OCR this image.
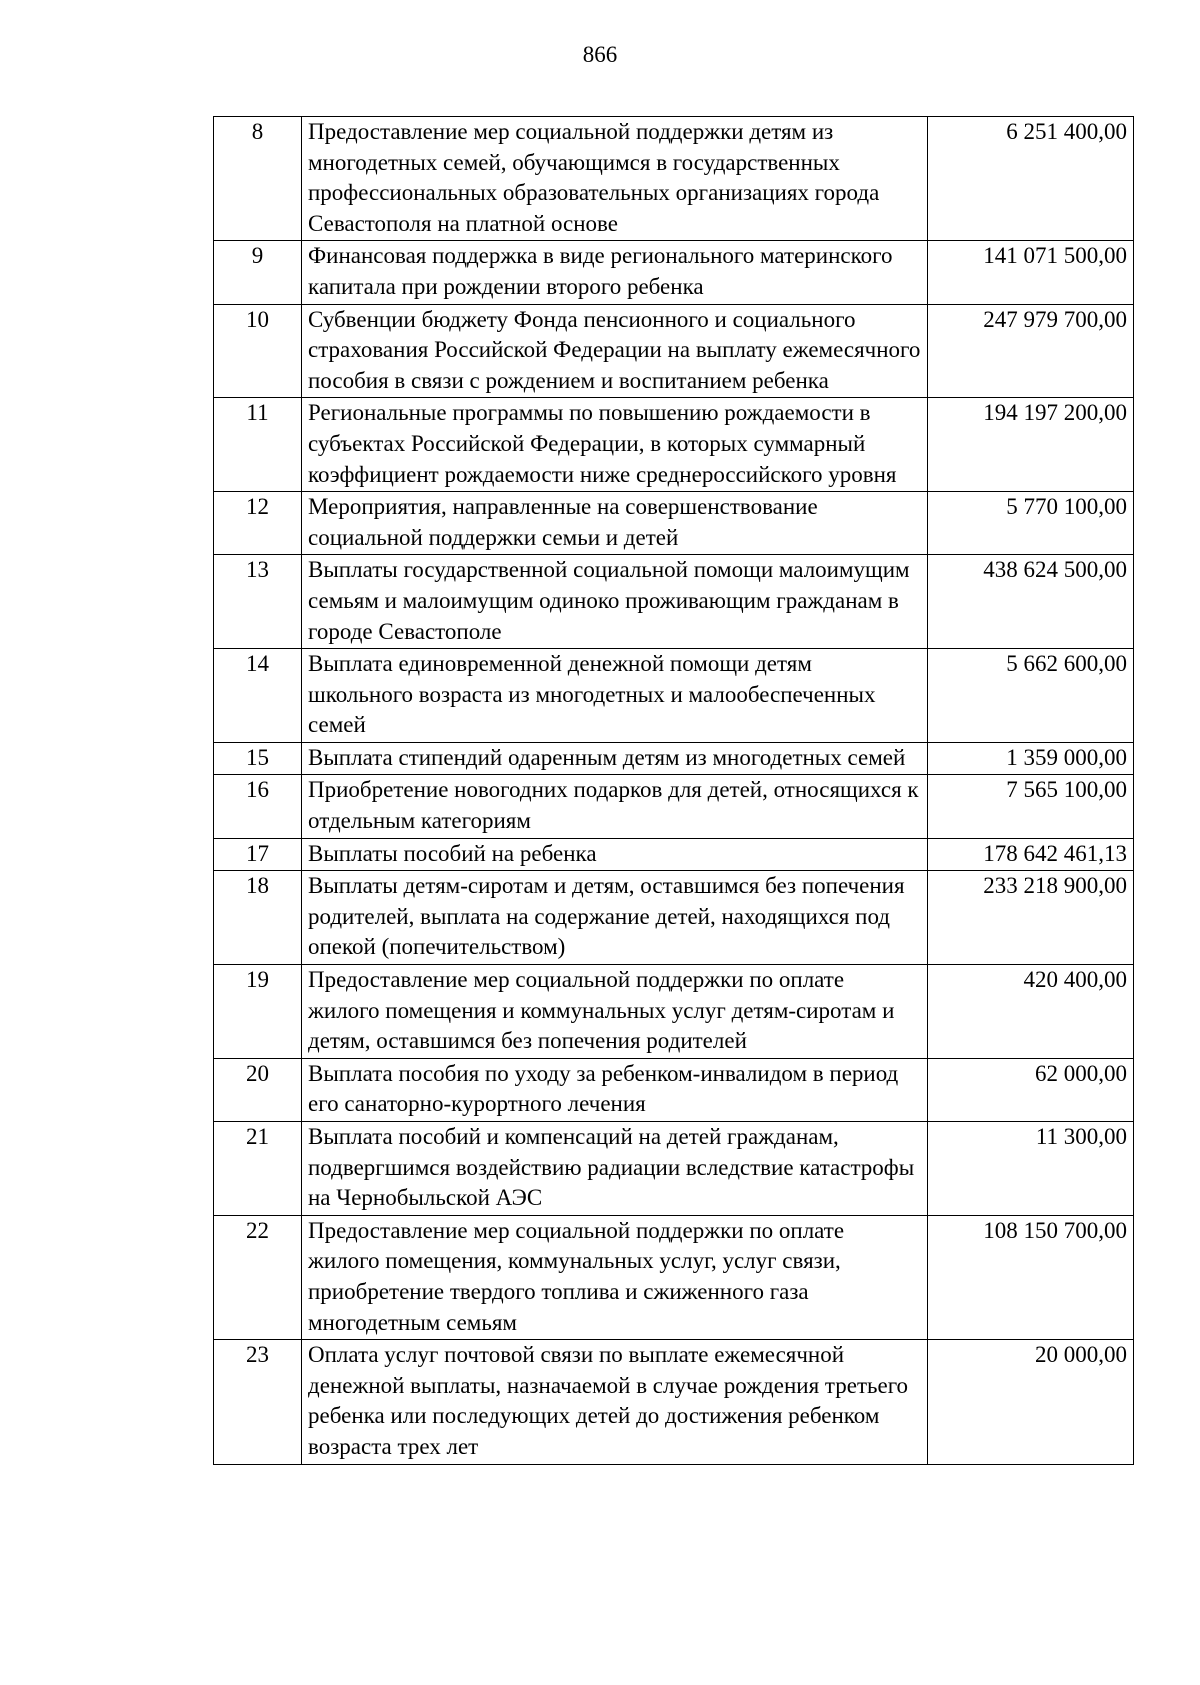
866
8	Предоставление мер социальной поддержки детям из многодетных семей, обучающимся в государственных профессиональных образовательных организациях города Севастополя на платной основе	6 251 400,00
9	Финансовая поддержка в виде регионального материнского капитала при рождении второго ребенка	141 071 500,00
10	Субвенции бюджету Фонда пенсионного и социального страхования Российской Федерации на выплату ежемесячного пособия в связи с рождением и воспитанием ребенка	247 979 700,00
11	Региональные программы по повышению рождаемости в субъектах Российской Федерации, в которых суммарный коэффициент рождаемости ниже среднероссийского уровня	194 197 200,00
12	Мероприятия, направленные на совершенствование социальной поддержки семьи и детей	5 770 100,00
13	Выплаты государственной социальной помощи малоимущим семьям и малоимущим одиноко проживающим гражданам в городе Севастополе	438 624 500,00
14	Выплата единовременной денежной помощи детям школьного возраста из многодетных и малообеспеченных семей	5 662 600,00
15	Выплата стипендий одаренным детям из многодетных семей	1 359 000,00
16	Приобретение новогодних подарков для детей, относящихся к отдельным категориям	7 565 100,00
17	Выплаты пособий на ребенка	178 642 461,13
18	Выплаты детям-сиротам и детям, оставшимся без попечения родителей, выплата на содержание детей, находящихся под опекой (попечительством)	233 218 900,00
19	Предоставление мер социальной поддержки по оплате жилого помещения и коммунальных услуг детям-сиротам и детям, оставшимся без попечения родителей	420 400,00
20	Выплата пособия по уходу за ребенком-инвалидом в период его санаторно-курортного лечения	62 000,00
21	Выплата пособий и компенсаций на детей гражданам, подвергшимся воздействию радиации вследствие катастрофы на Чернобыльской АЭС	11 300,00
22	Предоставление мер социальной поддержки по оплате жилого помещения, коммунальных услуг, услуг связи, приобретение твердого топлива и сжиженного газа многодетным семьям	108 150 700,00
23	Оплата услуг почтовой связи по выплате ежемесячной денежной выплаты, назначаемой в случае рождения третьего ребенка или последующих детей до достижения ребенком возраста трех лет	20 000,00
